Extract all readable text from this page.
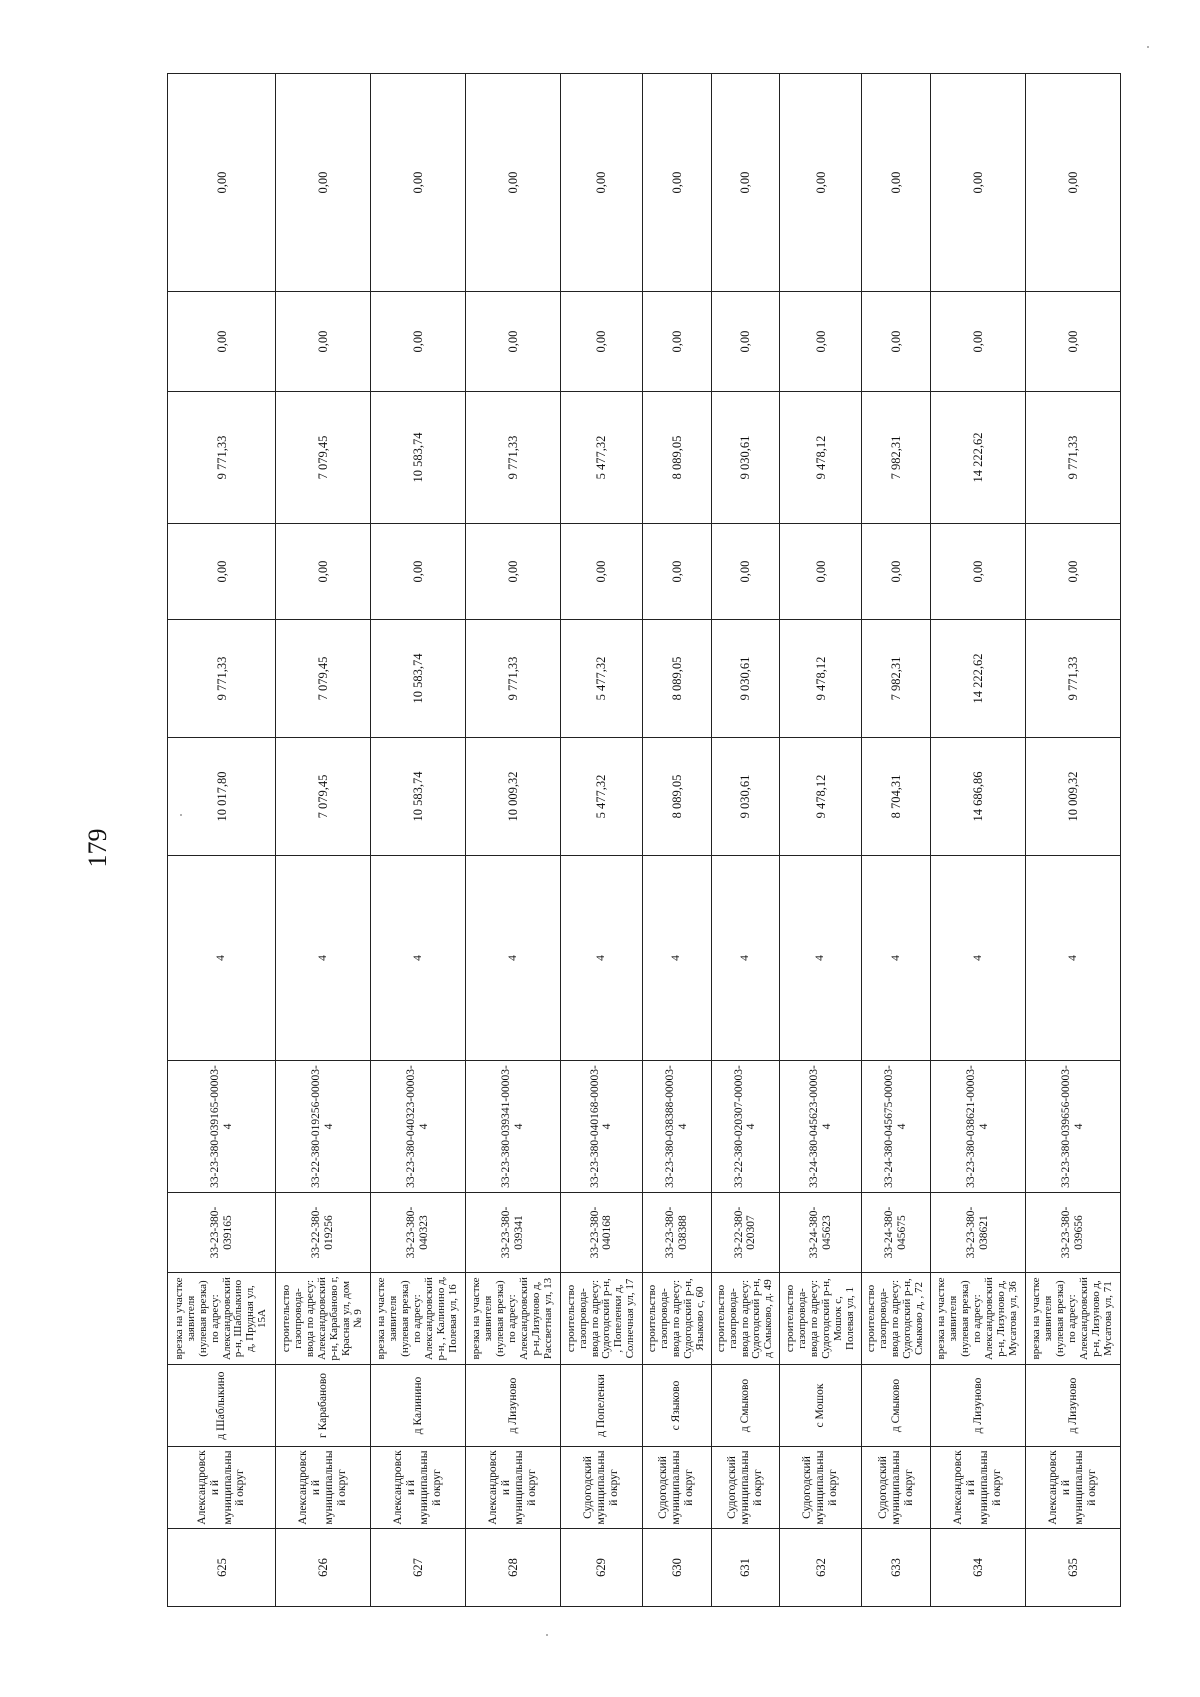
179
625	Александровски й муниципальный округ	д Шаблыкино	врезка на участке заявителя (нулевая врезка) по адресу: Александровский р-н, Шаблыкино д, Прудная ул, 15А	33-23-380-039165	33-23-380-039165-00003-4	4	10 017,80	9 771,33	0,00	9 771,33	0,00	0,00
626	Александровски й муниципальный округ	г Карабаново	строительство газопровода-ввода по адресу: Александровский р-н, Карабаново г, Красная ул, дом № 9	33-22-380-019256	33-22-380-019256-00003-4	4	7 079,45	7 079,45	0,00	7 079,45	0,00	0,00
627	Александровски й муниципальный округ	д Калинино	врезка на участке заявителя (нулевая врезка) по адресу: Александровский р-н, , Калинино д, Полевая ул, 16	33-23-380-040323	33-23-380-040323-00003-4	4	10 583,74	10 583,74	0,00	10 583,74	0,00	0,00
628	Александровски й муниципальный округ	д Лизуново	врезка на участке заявителя (нулевая врезка) по адресу: Александровский р-н,Лизуново д, Рассветная ул, 13	33-23-380-039341	33-23-380-039341-00003-4	4	10 009,32	9 771,33	0,00	9 771,33	0,00	0,00
629	Судогодский муниципальный округ	д Попеленки	строительство газопровода-ввода по адресу: Судогодский р-н, , Попеленки д, Солнечная ул, 17	33-23-380-040168	33-23-380-040168-00003-4	4	5 477,32	5 477,32	0,00	5 477,32	0,00	0,00
630	Судогодский муниципальный округ	с Языково	строительство газопровода-ввода по адресу: Судогодский р-н, Языково с, 60	33-23-380-038388	33-23-380-038388-00003-4	4	8 089,05	8 089,05	0,00	8 089,05	0,00	0,00
631	Судогодский муниципальный округ	д Смыково	строительство газопровода-ввода по адресу: Судогодский р-н, д Смыково, д. 49	33-22-380-020307	33-22-380-020307-00003-4	4	9 030,61	9 030,61	0,00	9 030,61	0,00	0,00
632	Судогодский муниципальный округ	с Мошок	строительство газопровода-ввода по адресу: Судогодский р-н, Мошок с, Полевая ул, 1	33-24-380-045623	33-24-380-045623-00003-4	4	9 478,12	9 478,12	0,00	9 478,12	0,00	0,00
633	Судогодский муниципальный округ	д Смыково	строительство газопровода-ввода по адресу: Судогодский р-н, Смыково д, , 72	33-24-380-045675	33-24-380-045675-00003-4	4	8 704,31	7 982,31	0,00	7 982,31	0,00	0,00
634	Александровски й муниципальный округ	д Лизуново	врезка на участке заявителя (нулевая врезка) по адресу: Александровский р-н, Лизуново д, Мусатова ул, 36	33-23-380-038621	33-23-380-038621-00003-4	4	14 686,86	14 222,62	0,00	14 222,62	0,00	0,00
635	Александровски й муниципальный округ	д Лизуново	врезка на участке заявителя (нулевая врезка) по адресу: Александровский р-н, Лизуново д, Мусатова ул, 71	33-23-380-039656	33-23-380-039656-00003-4	4	10 009,32	9 771,33	0,00	9 771,33	0,00	0,00
